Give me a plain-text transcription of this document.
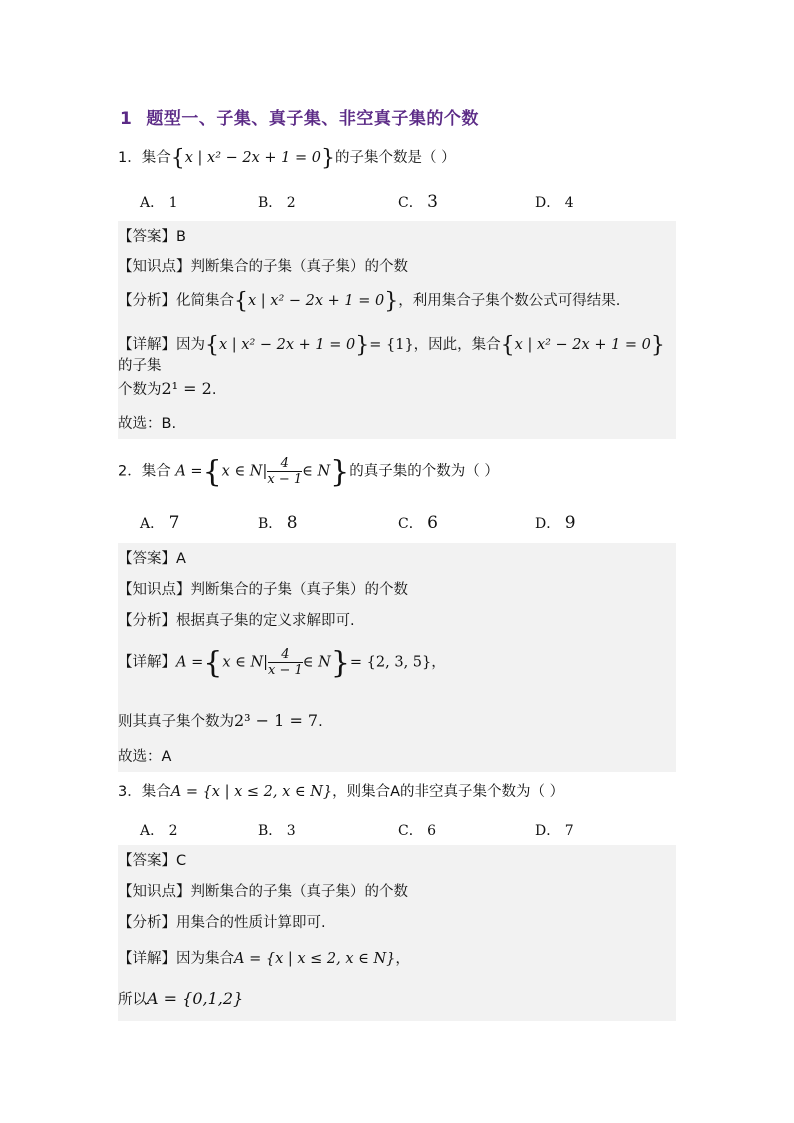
1 题型一、子集、真子集、非空真子集的个数
1．集合{x | x² − 2x + 1 = 0}的子集个数是（ ）
A． 1	B． 2	C． 3	D． 4
【答案】B
【知识点】判断集合的子集（真子集）的个数
【分析】化简集合{x | x² − 2x + 1 = 0}，利用集合子集个数公式可得结果.
【详解】因为{x | x² − 2x + 1 = 0}= {1}，因此，集合{x | x² − 2x + 1 = 0}的子集
个数为2¹ = 2.
故选：B.
2．集合 A ={x ∈ $N| \frac{4}{x - 1}$ ∈ N}的真子集的个数为（ ）
A． 7	B． 8	C． 6	D． 9
【答案】A
【知识点】判断集合的子集（真子集）的个数
【分析】根据真子集的定义求解即可.
【详解】A ={x ∈ $N| \frac{4}{x - 1}$ ∈ N}= {2, 3, 5}，
则其真子集个数为2³ − 1 = 7.
故选：A
3．集合A = {x | x ≤ 2, x ∈ N}，则集合A的非空真子集个数为（ ）
A． 2	B． 3	C． 6	D． 7
【答案】C
【知识点】判断集合的子集（真子集）的个数
【分析】用集合的性质计算即可.
【详解】因为集合A = {x | x ≤ 2, x ∈ N}，
所以A = {0,1,2}
